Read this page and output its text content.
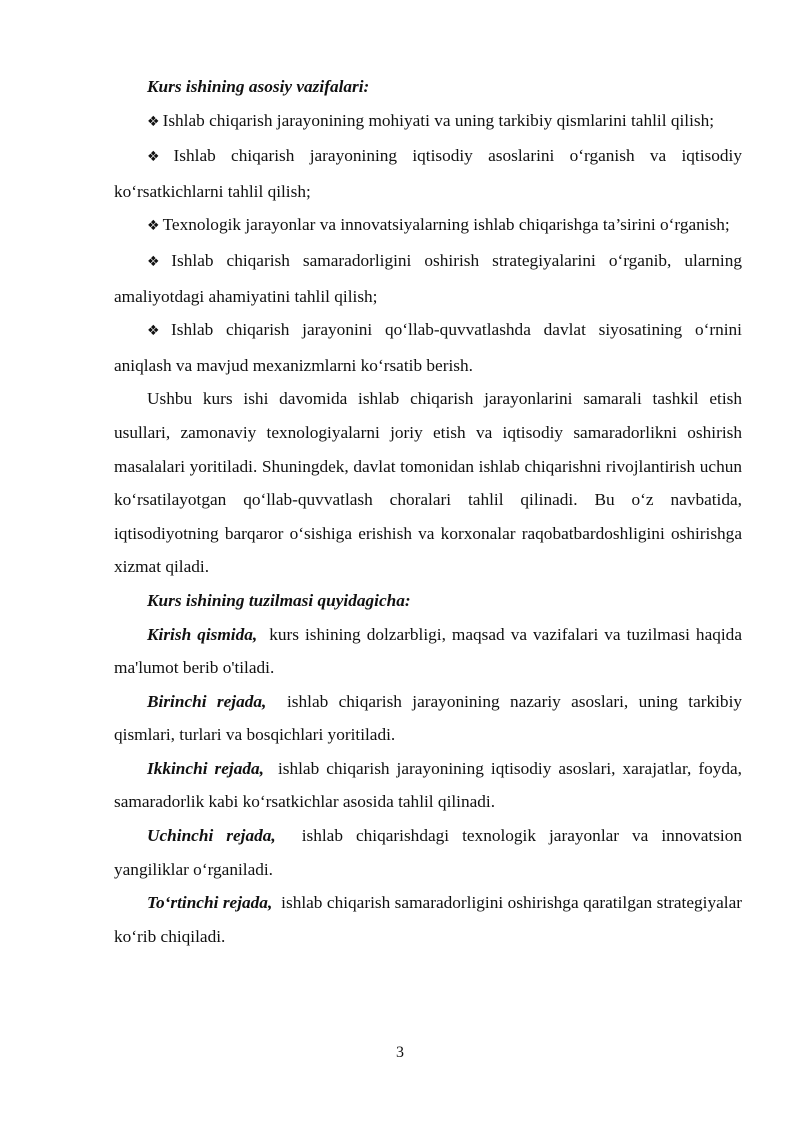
Kurs ishining asosiy vazifalari:

❖ Ishlab chiqarish jarayonining mohiyati va uning tarkibiy qismlarini tahlil qilish;

❖ Ishlab chiqarish jarayonining iqtisodiy asoslarini o‘rganish va iqtisodiy ko‘rsatkichlarni tahlil qilish;

❖ Texnologik jarayonlar va innovatsiyalarning ishlab chiqarishga ta’sirini o‘rganish;

❖ Ishlab chiqarish samaradorligini oshirish strategiyalarini o‘rganib, ularning amaliyotdagi ahamiyatini tahlil qilish;

❖ Ishlab chiqarish jarayonini qo‘llab-quvvatlashda davlat siyosatining o‘rnini aniqlash va mavjud mexanizmlarni ko‘rsatib berish.

Ushbu kurs ishi davomida ishlab chiqarish jarayonlarini samarali tashkil etish usullari, zamonaviy texnologiyalarni joriy etish va iqtisodiy samaradorlikni oshirish masalalari yoritiladi. Shuningdek, davlat tomonidan ishlab chiqarishni rivojlantirish uchun ko‘rsatilayotgan qo‘llab-quvvatlash choralari tahlil qilinadi. Bu o‘z navbatida, iqtisodiyotning barqaror o‘sishiga erishish va korxonalar raqobatbardoshligini oshirishga xizmat qiladi.

Kurs ishining tuzilmasi quyidagicha:

Kirish qismida, kurs ishining dolzarbligi, maqsad va vazifalari va tuzilmasi haqida ma'lumot berib o'tiladi.

Birinchi rejada, ishlab chiqarish jarayonining nazariy asoslari, uning tarkibiy qismlari, turlari va bosqichlari yoritiladi.

Ikkinchi rejada, ishlab chiqarish jarayonining iqtisodiy asoslari, xarajatlar, foyda, samaradorlik kabi ko‘rsatkichlar asosida tahlil qilinadi.

Uchinchi rejada, ishlab chiqarishdagi texnologik jarayonlar va innovatsion yangiliklar o‘rganiladi.

To‘rtinchi rejada, ishlab chiqarish samaradorligini oshirishga qaratilgan strategiyalar ko‘rib chiqiladi.

3
